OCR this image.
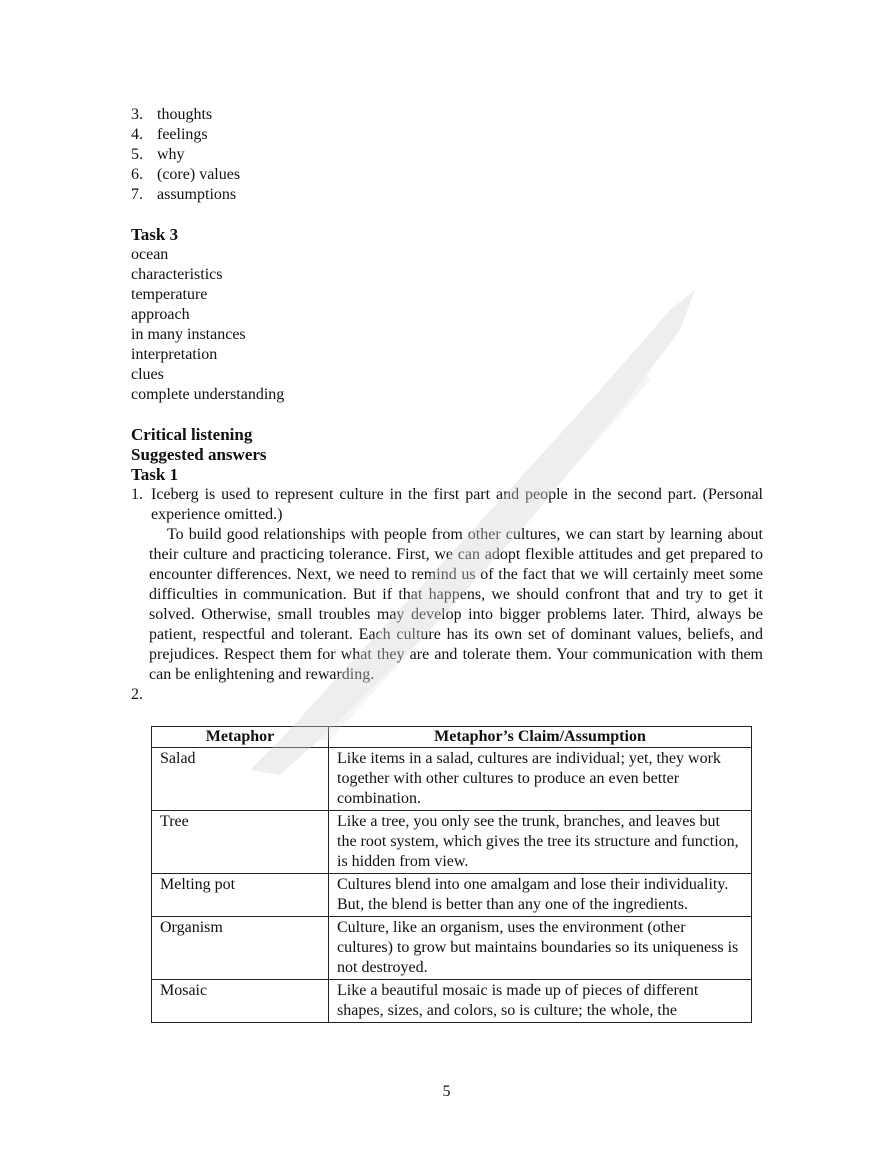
3. thoughts
4. feelings
5. why
6. (core) values
7. assumptions
Task 3
ocean
characteristics
temperature
approach
in many instances
interpretation
clues
complete understanding
Critical listening
Suggested answers
Task 1
1. Iceberg is used to represent culture in the first part and people in the second part. (Personal experience omitted.)
To build good relationships with people from other cultures, we can start by learning about their culture and practicing tolerance. First, we can adopt flexible attitudes and get prepared to encounter differences. Next, we need to remind us of the fact that we will certainly meet some difficulties in communication. But if that happens, we should confront that and try to get it solved. Otherwise, small troubles may develop into bigger problems later. Third, always be patient, respectful and tolerant. Each culture has its own set of dominant values, beliefs, and prejudices. Respect them for what they are and tolerate them. Your communication with them can be enlightening and rewarding.
2.
Metaphor	Metaphor’s Claim/Assumption
Salad	Like items in a salad, cultures are individual; yet, they work together with other cultures to produce an even better combination.
Tree	Like a tree, you only see the trunk, branches, and leaves but the root system, which gives the tree its structure and function, is hidden from view.
Melting pot	Cultures blend into one amalgam and lose their individuality. But, the blend is better than any one of the ingredients.
Organism	Culture, like an organism, uses the environment (other cultures) to grow but maintains boundaries so its uniqueness is not destroyed.
Mosaic	Like a beautiful mosaic is made up of pieces of different shapes, sizes, and colors, so is culture; the whole, the
5
